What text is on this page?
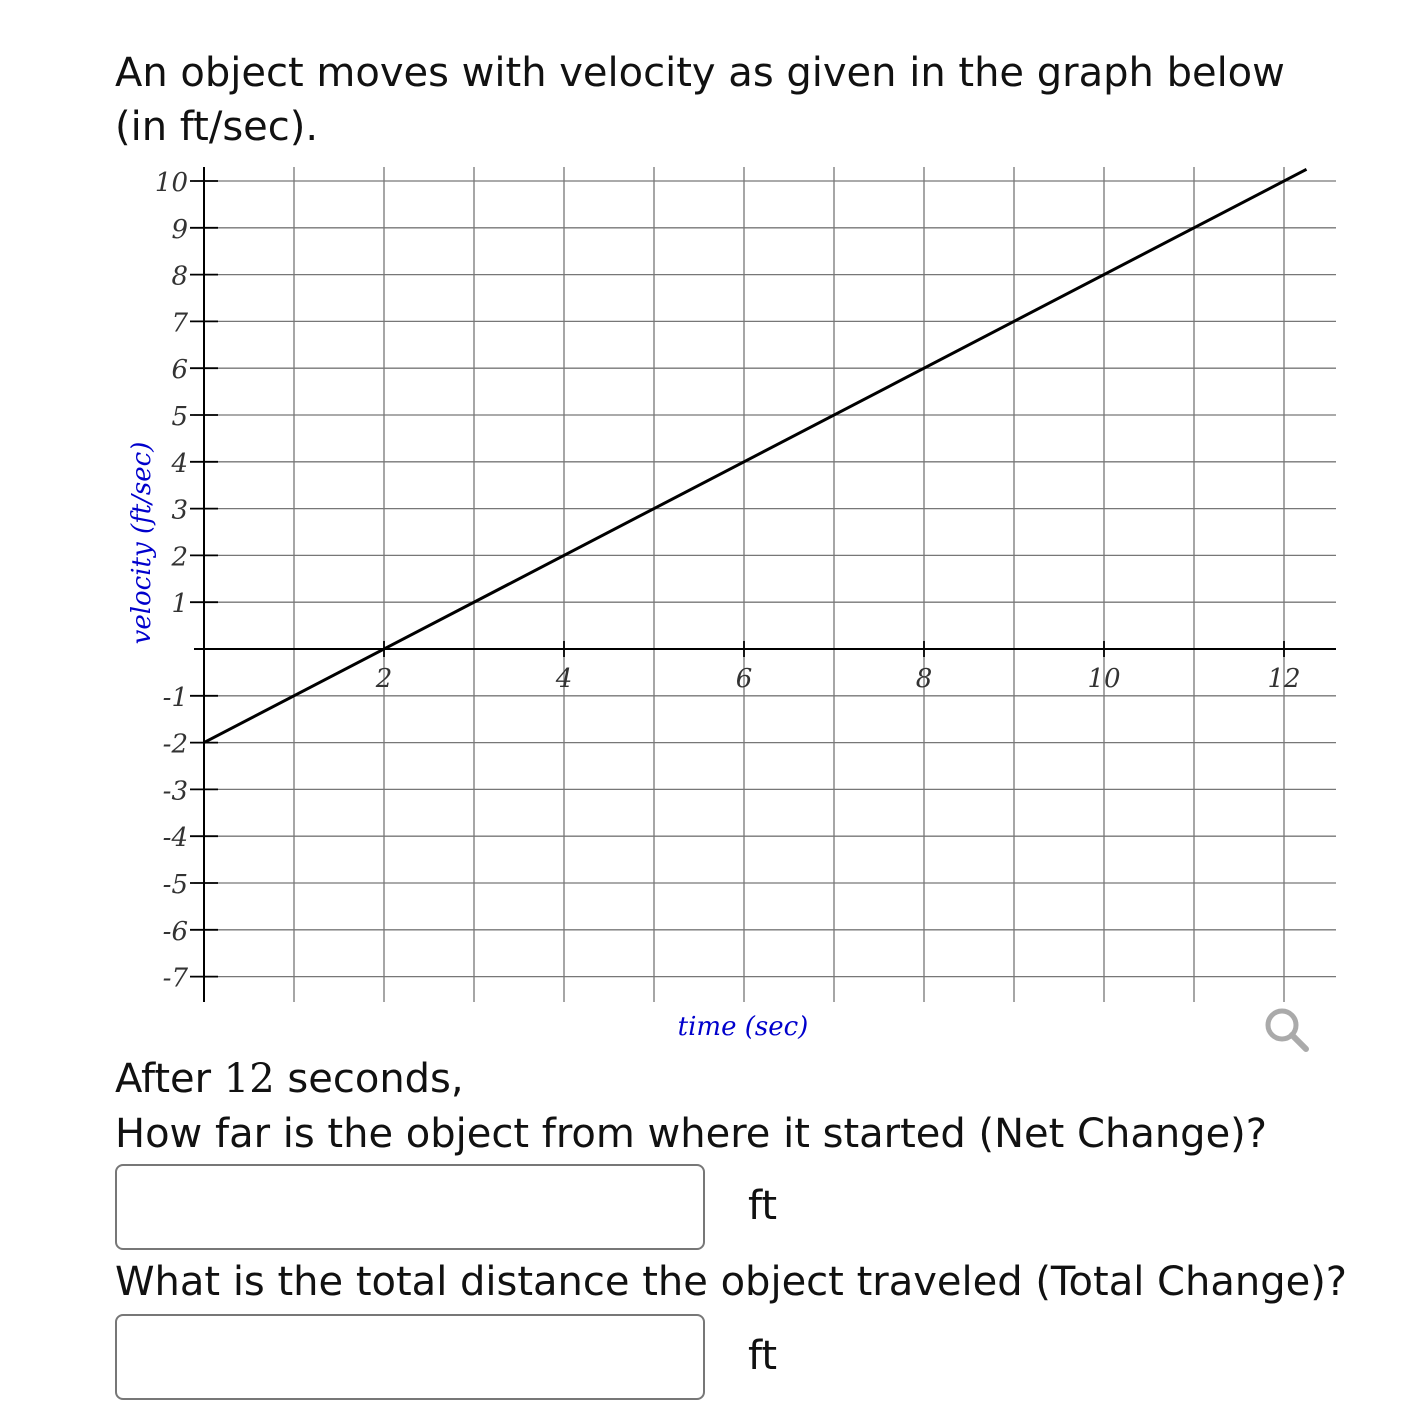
An object moves with velocity as given in the graph below (in ft/sec).
2	4	6	8	10	12
10
9
8
7
6
5
4
3
2
1
-1
-2
-3
-4
-5
-6
-7
time (sec)
velocity (ft/sec)
After 12 seconds,
How far is the object from where it started (Net Change)?
ft
What is the total distance the object traveled (Total Change)?
ft
